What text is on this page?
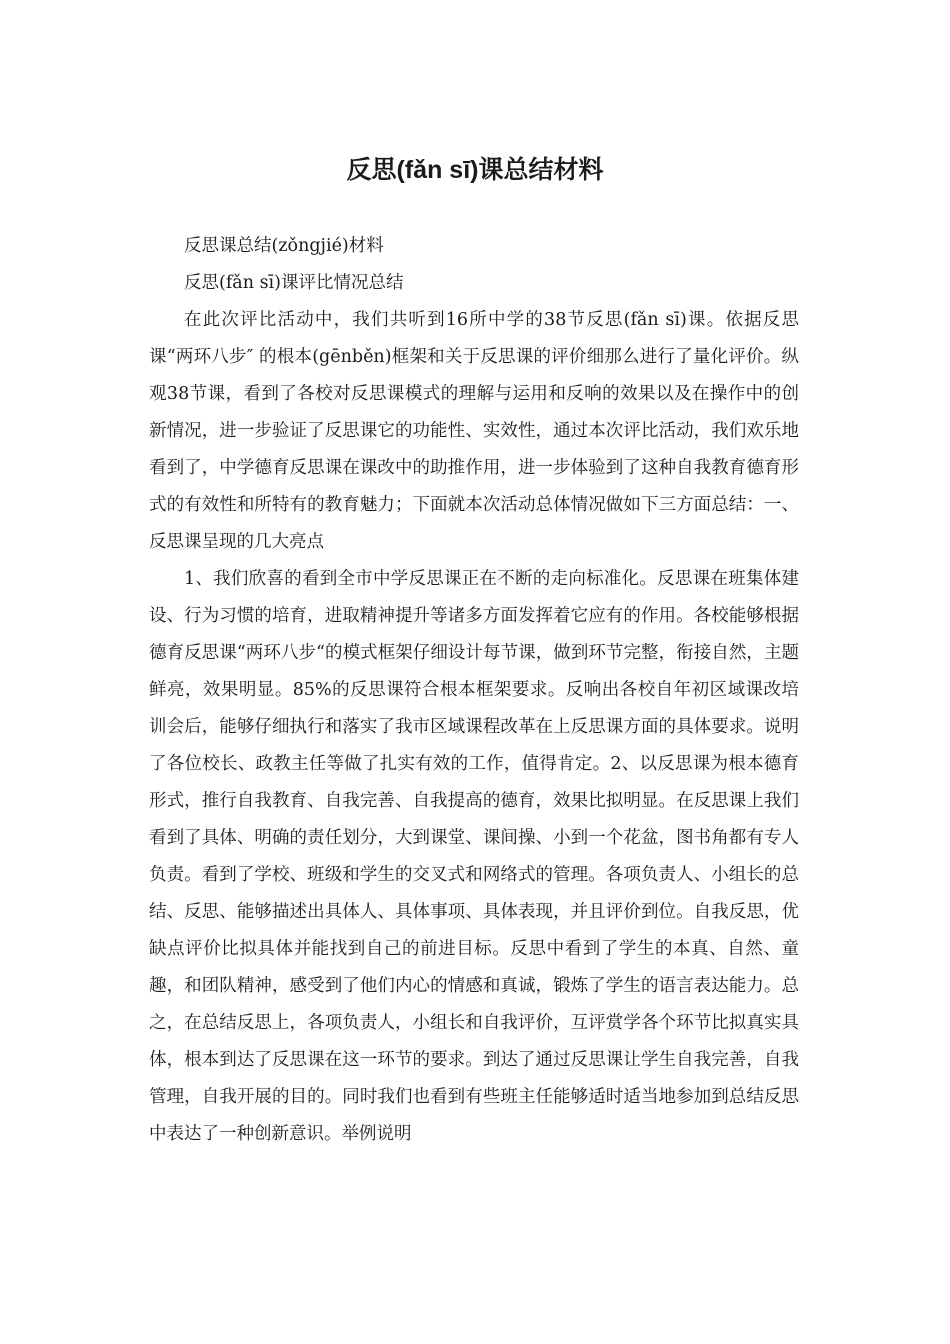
反思(fǎn sī)课总结材料

反思课总结(zǒngjié)材料

反思(fǎn sī)课评比情况总结

在此次评比活动中，我们共听到16所中学的38节反思(fǎn sī)课。依据反思课“两环八步″ 的根本(gēnběn)框架和关于反思课的评价细那么进行了量化评价。纵观38节课，看到了各校对反思课模式的理解与运用和反响的效果以及在操作中的创新情况，进一步验证了反思课它的功能性、实效性，通过本次评比活动，我们欢乐地看到了，中学德育反思课在课改中的助推作用，进一步体验到了这种自我教育德育形式的有效性和所特有的教育魅力；下面就本次活动总体情况做如下三方面总结：一、反思课呈现的几大亮点

1、我们欣喜的看到全市中学反思课正在不断的走向标准化。反思课在班集体建设、行为习惯的培育，进取精神提升等诸多方面发挥着它应有的作用。各校能够根据德育反思课“两环八步“的模式框架仔细设计每节课，做到环节完整，衔接自然，主题鲜亮，效果明显。85%的反思课符合根本框架要求。反响出各校自年初区域课改培训会后，能够仔细执行和落实了我市区域课程改革在上反思课方面的具体要求。说明了各位校长、政教主任等做了扎实有效的工作，值得肯定。2、以反思课为根本德育形式，推行自我教育、自我完善、自我提高的德育，效果比拟明显。在反思课上我们看到了具体、明确的责任划分，大到课堂、课间操、小到一个花盆，图书角都有专人负责。看到了学校、班级和学生的交叉式和网络式的管理。各项负责人、小组长的总结、反思、能够描述出具体人、具体事项、具体表现，并且评价到位。自我反思，优缺点评价比拟具体并能找到自己的前进目标。反思中看到了学生的本真、自然、童趣，和团队精神，感受到了他们内心的情感和真诚，锻炼了学生的语言表达能力。总之，在总结反思上，各项负责人，小组长和自我评价，互评赏学各个环节比拟真实具体，根本到达了反思课在这一环节的要求。到达了通过反思课让学生自我完善，自我管理，自我开展的目的。同时我们也看到有些班主任能够适时适当地参加到总结反思中表达了一种创新意识。举例说明
